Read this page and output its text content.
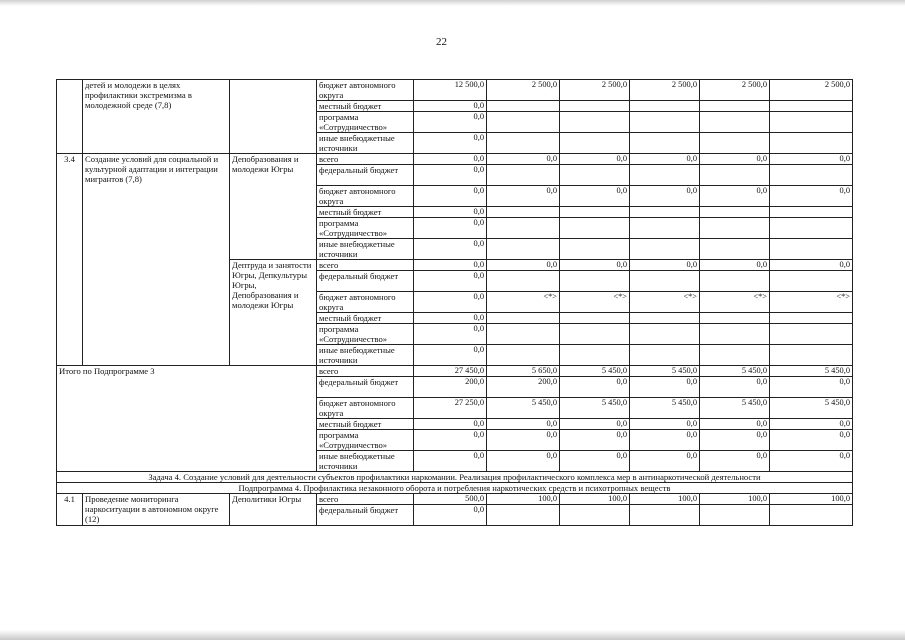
22
	детей и молодежи в целях профилактики экстремизма в молодежной среде (7,8)		бюджет автономного округа	12 500,0	2 500,0	2 500,0	2 500,0	2 500,0	2 500,0
			местный бюджет	0,0					
			программа «Сотрудничество»	0,0					
			иные внебюджетные источники	0,0					
3.4	Создание условий для социальной и культурной адаптации и интеграции мигрантов (7,8)	Депобразования и молодежи Югры	всего	0,0	0,0	0,0	0,0	0,0	0,0
			федеральный бюджет	0,0					
			бюджет автономного округа	0,0	0,0	0,0	0,0	0,0	0,0
			местный бюджет	0,0					
			программа «Сотрудничество»	0,0					
			иные внебюджетные источники	0,0					
		Дептруда и занятости Югры, Депкультуры Югры, Депобразования и молодежи Югры	всего	0,0	0,0	0,0	0,0	0,0	0,0
			федеральный бюджет	0,0					
			бюджет автономного округа	0,0	<*>	<*>	<*>	<*>	<*>
			местный бюджет	0,0					
			программа «Сотрудничество»	0,0					
			иные внебюджетные источники	0,0					
Итого по Подпрограмме 3			всего	27 450,0	5 650,0	5 450,0	5 450,0	5 450,0	5 450,0
			федеральный бюджет	200,0	200,0	0,0	0,0	0,0	0,0
			бюджет автономного округа	27 250,0	5 450,0	5 450,0	5 450,0	5 450,0	5 450,0
			местный бюджет	0,0	0,0	0,0	0,0	0,0	0,0
			программа «Сотрудничество»	0,0	0,0	0,0	0,0	0,0	0,0
			иные внебюджетные источники	0,0	0,0	0,0	0,0	0,0	0,0
Задача 4. Создание условий для деятельности субъектов профилактики наркомании. Реализация профилактического комплекса мер в антинаркотической деятельности									
Подпрограмма 4. Профилактика незаконного оборота и потребления наркотических средств и психотропных веществ									
4.1	Проведение мониторинга наркоситуации в автономном округе (12)	Деполитики Югры	всего	500,0	100,0	100,0	100,0	100,0	100,0
			федеральный бюджет	0,0					
